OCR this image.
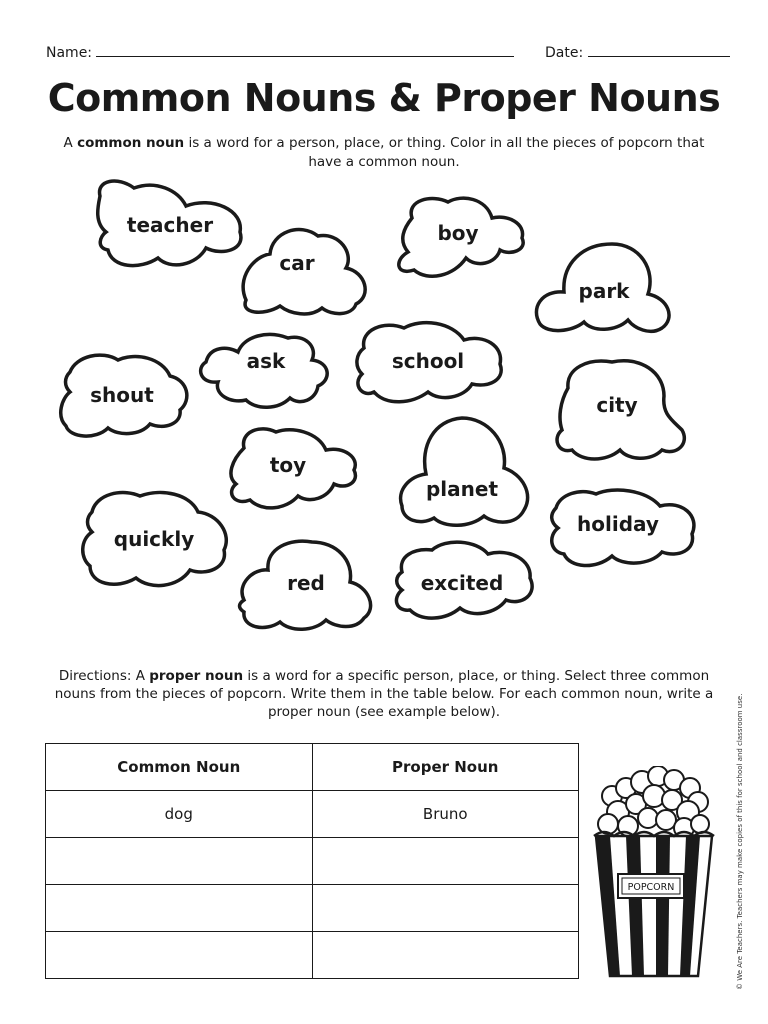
Name:	Date:
Common Nouns & Proper Nouns
A common noun is a word for a person, place, or thing. Color in all the pieces of popcorn that have a common noun.
teacher
car
boy
park
ask	school
shout	city
toy
planet
quickly
holiday
red	excited
Directions: A proper noun is a word for a specific person, place, or thing. Select three common nouns from the pieces of popcorn. Write them in the table below. For each common noun, write a proper noun (see example below).
Common Noun	Proper Noun
dog	Bruno

POPCORN	© We Are Teachers. Teachers may make copies of this for school and classroom use.
